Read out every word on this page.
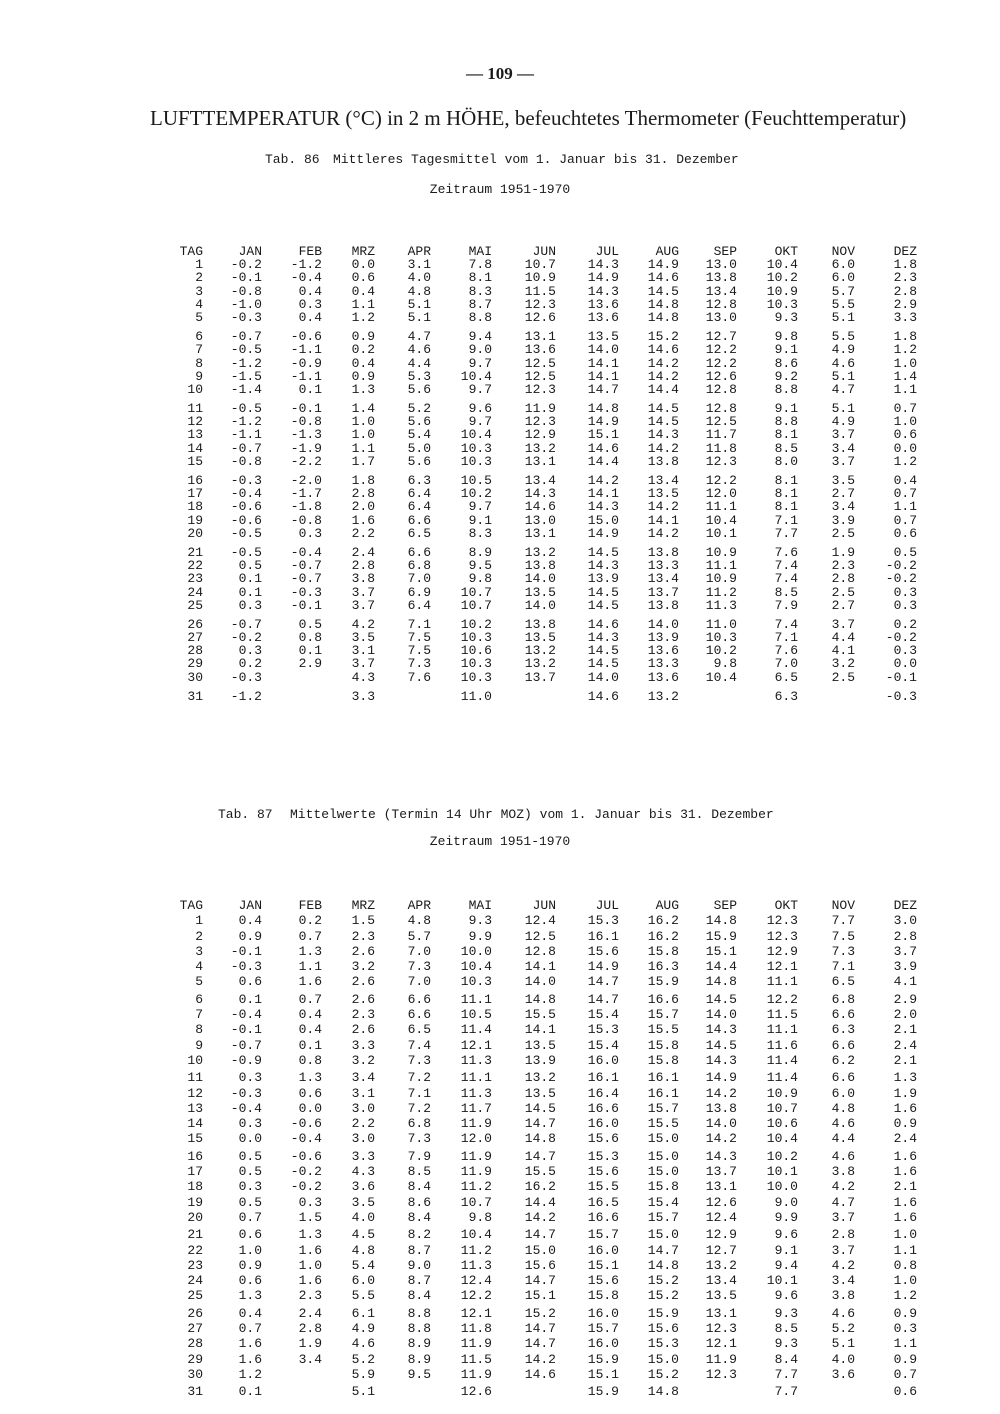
— 109 —
LUFTTEMPERATUR (°C) in 2 m HÖHE, befeuchtetes Thermometer (Feuchttemperatur)
Tab. 86 Mittleres Tagesmittel vom 1. Januar bis 31. Dezember
Zeitraum 1951-1970
TAG
1
2
3
4
5
6
7
8
9
10
11
12
13
14
15
16
17
18
19
20
21
22
23
24
25
26
27
28
29
30
31
JAN
-0.2
-0.1
-0.8
-1.0
-0.3
-0.7
-0.5
-1.2
-1.5
-1.4
-0.5
-1.2
-1.1
-0.7
-0.8
-0.3
-0.4
-0.6
-0.6
-0.5
-0.5
0.5
0.1
0.1
0.3
-0.7
-0.2
0.3
0.2
-0.3
-1.2
FEB
-1.2
-0.4
0.4
0.3
0.4
-0.6
-1.1
-0.9
-1.1
0.1
-0.1
-0.8
-1.3
-1.9
-2.2
-2.0
-1.7
-1.8
-0.8
0.3
-0.4
-0.7
-0.7
-0.3
-0.1
0.5
0.8
0.1
2.9
MRZ
0.0
0.6
0.4
1.1
1.2
0.9
0.2
0.4
0.9
1.3
1.4
1.0
1.0
1.1
1.7
1.8
2.8
2.0
1.6
2.2
2.4
2.8
3.8
3.7
3.7
4.2
3.5
3.1
3.7
4.3
3.3
APR
3.1
4.0
4.8
5.1
5.1
4.7
4.6
4.4
5.3
5.6
5.2
5.6
5.4
5.0
5.6
6.3
6.4
6.4
6.6
6.5
6.6
6.8
7.0
6.9
6.4
7.1
7.5
7.5
7.3
7.6
MAI
7.8
8.1
8.3
8.7
8.8
9.4
9.0
9.7
10.4
9.7
9.6
9.7
10.4
10.3
10.3
10.5
10.2
9.7
9.1
8.3
8.9
9.5
9.8
10.7
10.7
10.2
10.3
10.6
10.3
10.3
11.0
JUN
10.7
10.9
11.5
12.3
12.6
13.1
13.6
12.5
12.5
12.3
11.9
12.3
12.9
13.2
13.1
13.4
14.3
14.6
13.0
13.1
13.2
13.8
14.0
13.5
14.0
13.8
13.5
13.2
13.2
13.7
JUL
14.3
14.9
14.3
13.6
13.6
13.5
14.0
14.1
14.1
14.7
14.8
14.9
15.1
14.6
14.4
14.2
14.1
14.3
15.0
14.9
14.5
14.3
13.9
14.5
14.5
14.6
14.3
14.5
14.5
14.0
14.6
AUG
14.9
14.6
14.5
14.8
14.8
15.2
14.6
14.2
14.2
14.4
14.5
14.5
14.3
14.2
13.8
13.4
13.5
14.2
14.1
14.2
13.8
13.3
13.4
13.7
13.8
14.0
13.9
13.6
13.3
13.6
13.2
SEP
13.0
13.8
13.4
12.8
13.0
12.7
12.2
12.2
12.6
12.8
12.8
12.5
11.7
11.8
12.3
12.2
12.0
11.1
10.4
10.1
10.9
11.1
10.9
11.2
11.3
11.0
10.3
10.2
9.8
10.4
OKT
10.4
10.2
10.9
10.3
9.3
9.8
9.1
8.6
9.2
8.8
9.1
8.8
8.1
8.5
8.0
8.1
8.1
8.1
7.1
7.7
7.6
7.4
7.4
8.5
7.9
7.4
7.1
7.6
7.0
6.5
6.3
NOV
6.0
6.0
5.7
5.5
5.1
5.5
4.9
4.6
5.1
4.7
5.1
4.9
3.7
3.4
3.7
3.5
2.7
3.4
3.9
2.5
1.9
2.3
2.8
2.5
2.7
3.7
4.4
4.1
3.2
2.5
DEZ
1.8
2.3
2.8
2.9
3.3
1.8
1.2
1.0
1.4
1.1
0.7
1.0
0.6
0.0
1.2
0.4
0.7
1.1
0.7
0.6
0.5
-0.2
-0.2
0.3
0.3
0.2
-0.2
0.3
0.0
-0.1
-0.3
Tab. 87 Mittelwerte (Termin 14 Uhr MOZ) vom 1. Januar bis 31. Dezember
Zeitraum 1951-1970
TAG
1
2
3
4
5
6
7
8
9
10
11
12
13
14
15
16
17
18
19
20
21
22
23
24
25
26
27
28
29
30
31
JAN
0.4
0.9
-0.1
-0.3
0.6
0.1
-0.4
-0.1
-0.7
-0.9
0.3
-0.3
-0.4
0.3
0.0
0.5
0.5
0.3
0.5
0.7
0.6
1.0
0.9
0.6
1.3
0.4
0.7
1.6
1.6
1.2
0.1
FEB
0.2
0.7
1.3
1.1
1.6
0.7
0.4
0.4
0.1
0.8
1.3
0.6
0.0
-0.6
-0.4
-0.6
-0.2
-0.2
0.3
1.5
1.3
1.6
1.0
1.6
2.3
2.4
2.8
1.9
3.4
MRZ
1.5
2.3
2.6
3.2
2.6
2.6
2.3
2.6
3.3
3.2
3.4
3.1
3.0
2.2
3.0
3.3
4.3
3.6
3.5
4.0
4.5
4.8
5.4
6.0
5.5
6.1
4.9
4.6
5.2
5.9
5.1
APR
4.8
5.7
7.0
7.3
7.0
6.6
6.6
6.5
7.4
7.3
7.2
7.1
7.2
6.8
7.3
7.9
8.5
8.4
8.6
8.4
8.2
8.7
9.0
8.7
8.4
8.8
8.8
8.9
8.9
9.5
MAI
9.3
9.9
10.0
10.4
10.3
11.1
10.5
11.4
12.1
11.3
11.1
11.3
11.7
11.9
12.0
11.9
11.9
11.2
10.7
9.8
10.4
11.2
11.3
12.4
12.2
12.1
11.8
11.9
11.5
11.9
12.6
JUN
12.4
12.5
12.8
14.1
14.0
14.8
15.5
14.1
13.5
13.9
13.2
13.5
14.5
14.7
14.8
14.7
15.5
16.2
14.4
14.2
14.7
15.0
15.6
14.7
15.1
15.2
14.7
14.7
14.2
14.6
JUL
15.3
16.1
15.6
14.9
14.7
14.7
15.4
15.3
15.4
16.0
16.1
16.4
16.6
16.0
15.6
15.3
15.6
15.5
16.5
16.6
15.7
16.0
15.1
15.6
15.8
16.0
15.7
16.0
15.9
15.1
15.9
AUG
16.2
16.2
15.8
16.3
15.9
16.6
15.7
15.5
15.8
15.8
16.1
16.1
15.7
15.5
15.0
15.0
15.0
15.8
15.4
15.7
15.0
14.7
14.8
15.2
15.2
15.9
15.6
15.3
15.0
15.2
14.8
SEP
14.8
15.9
15.1
14.4
14.8
14.5
14.0
14.3
14.5
14.3
14.9
14.2
13.8
14.0
14.2
14.3
13.7
13.1
12.6
12.4
12.9
12.7
13.2
13.4
13.5
13.1
12.3
12.1
11.9
12.3
OKT
12.3
12.3
12.9
12.1
11.1
12.2
11.5
11.1
11.6
11.4
11.4
10.9
10.7
10.6
10.4
10.2
10.1
10.0
9.0
9.9
9.6
9.1
9.4
10.1
9.6
9.3
8.5
9.3
8.4
7.7
7.7
NOV
7.7
7.5
7.3
7.1
6.5
6.8
6.6
6.3
6.6
6.2
6.6
6.0
4.8
4.6
4.4
4.6
3.8
4.2
4.7
3.7
2.8
3.7
4.2
3.4
3.8
4.6
5.2
5.1
4.0
3.6
DEZ
3.0
2.8
3.7
3.9
4.1
2.9
2.0
2.1
2.4
2.1
1.3
1.9
1.6
0.9
2.4
1.6
1.6
2.1
1.6
1.6
1.0
1.1
0.8
1.0
1.2
0.9
0.3
1.1
0.9
0.7
0.6
